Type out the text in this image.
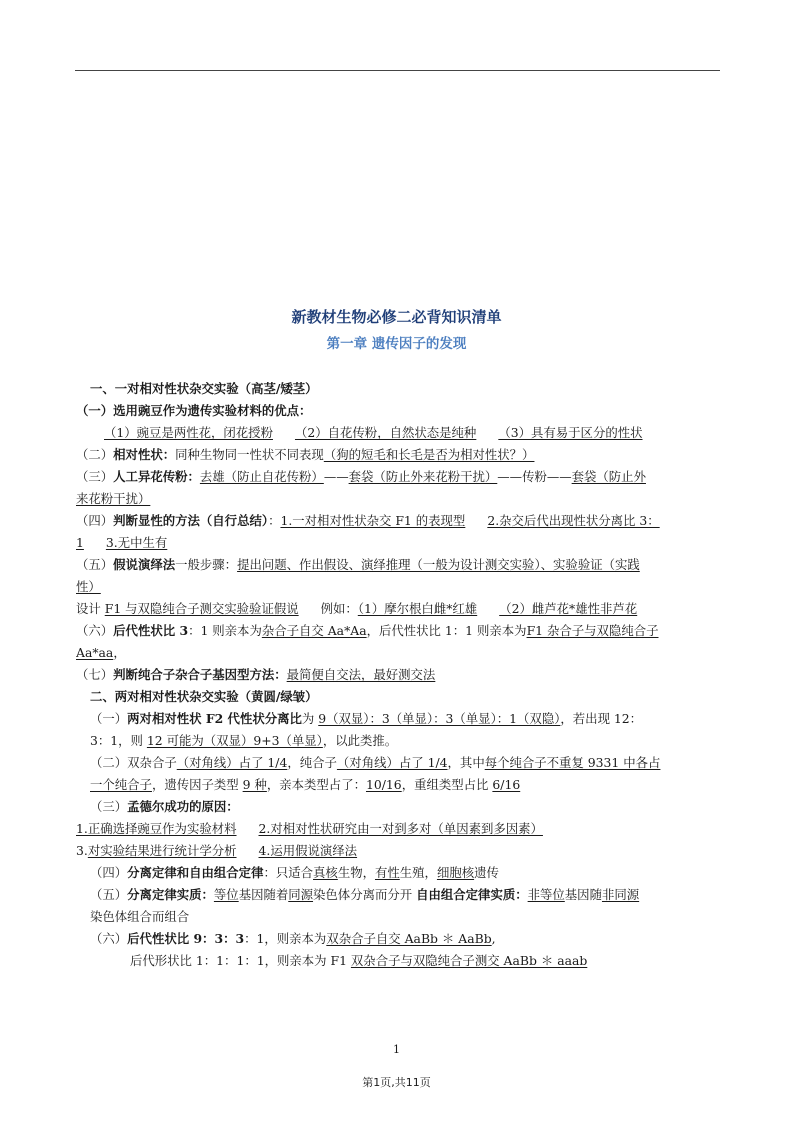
新教材生物必修二必背知识清单
第一章 遗传因子的发现
一、一对相对性状杂交实验（高茎/矮茎）
（一）选用豌豆作为遗传实验材料的优点：
（1）豌豆是两性花，闭花授粉 （2）自花传粉，自然状态是纯种 （3）具有易于区分的性状
（二）相对性状：同种生物同一性状不同表现（狗的短毛和长毛是否为相对性状？）
（三）人工异花传粉：去雄（防止自花传粉）——套袋（防止外来花粉干扰）——传粉——套袋（防止外
来花粉干扰）
（四）判断显性的方法（自行总结）：1.一对相对性状杂交 F1 的表现型 2.杂交后代出现性状分离比 3：
1 3.无中生有
（五）假说演绎法一般步骤：提出问题、作出假设、演绎推理（一般为设计测交实验）、实验验证（实践
性）
设计 F1 与双隐纯合子测交实验验证假说 例如：（1）摩尔根白雌*红雄 （2）雌芦花*雄性非芦花
（六）后代性状比 3：1 则亲本为杂合子自交 Aa*Aa，后代性状比 1：1 则亲本为F1 杂合子与双隐纯合子
Aa*aa，
（七）判断纯合子杂合子基因型方法：最简便自交法，最好测交法
二、两对相对性状杂交实验（黄圆/绿皱）
（一）两对相对性状 F2 代性状分离比为 9（双显）：3（单显）：3（单显）：1（双隐），若出现 12：
3：1，则 12 可能为（双显）9+3（单显），以此类推。
（二）双杂合子（对角线）占了 1/4，纯合子（对角线）占了 1/4，其中每个纯合子不重复 9331 中各占
一个纯合子，遗传因子类型 9 种，亲本类型占了：10/16，重组类型占比 6/16
（三）孟德尔成功的原因：
1.正确选择豌豆作为实验材料 2.对相对性状研究由一对到多对（单因素到多因素）
3.对实验结果进行统计学分析 4.运用假说演绎法
（四）分离定律和自由组合定律：只适合真核生物，有性生殖，细胞核遗传
（五）分离定律实质：等位基因随着同源染色体分离而分开 自由组合定律实质：非等位基因随非同源
染色体组合而组合
（六）后代性状比 9：3：3：1，则亲本为双杂合子自交 AaBb ＊ AaBb,
后代形状比 1：1：1：1，则亲本为 F1 双杂合子与双隐纯合子测交 AaBb ＊ aaab
1
第1页,共11页
